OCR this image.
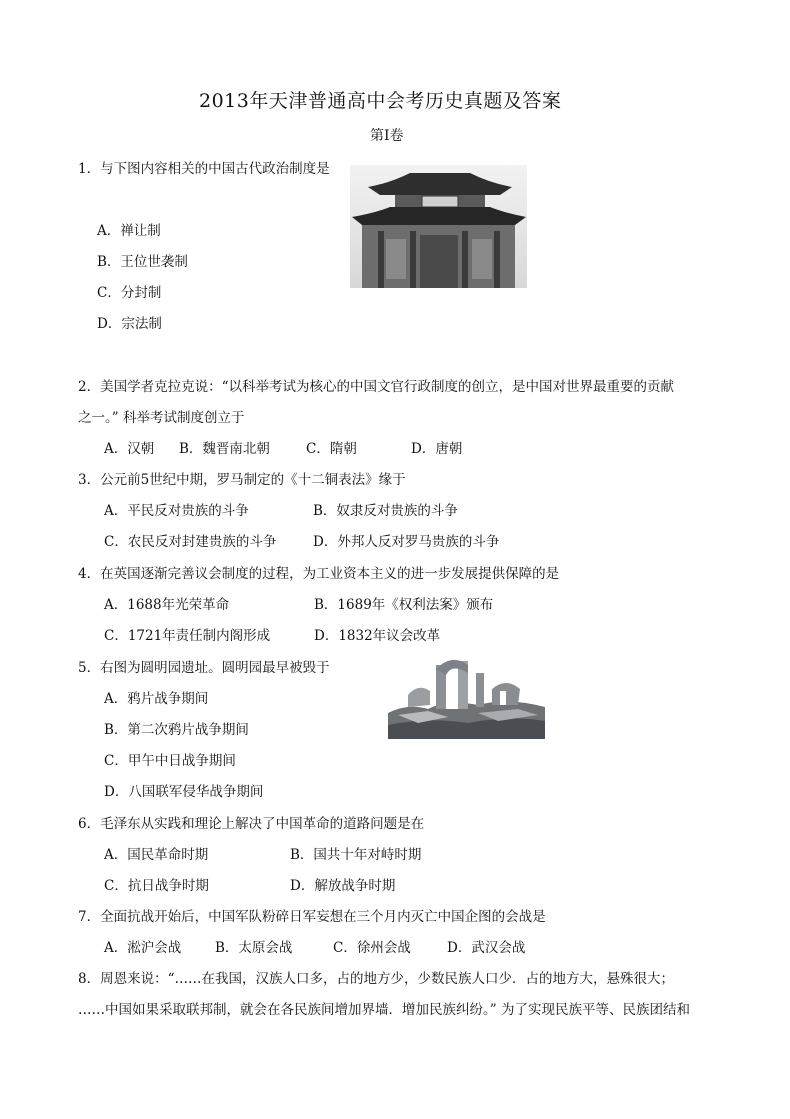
2013年天津普通高中会考历史真题及答案
第Ⅰ卷
1．与下图内容相关的中国古代政治制度是
A．禅让制
B．王位世袭制
C．分封制
D．宗法制
2．美国学者克拉克说：“以科举考试为核心的中国文官行政制度的创立，是中国对世界最重要的贡献
之一。” 科举考试制度创立于
A．汉朝 B．魏晋南北朝	C．隋朝	D．唐朝
3．公元前5世纪中期，罗马制定的《十二铜表法》缘于
A．平民反对贵族的斗争	B．奴隶反对贵族的斗争
C．农民反对封建贵族的斗争	D．外邦人反对罗马贵族的斗争
4．在英国逐渐完善议会制度的过程，为工业资本主义的进一步发展提供保障的是
A．1688年光荣革命	B．1689年《权利法案》颁布
C．1721年责任制内阁形成	D．1832年议会改革
5．右图为圆明园遗址。圆明园最早被毁于
A．鸦片战争期间
B．第二次鸦片战争期间
C．甲午中日战争期间
D．八国联军侵华战争期间
6．毛泽东从实践和理论上解决了中国革命的道路问题是在
A．国民革命时期	B．国共十年对峙时期
C．抗日战争时期	D．解放战争时期
7．全面抗战开始后，中国军队粉碎日军妄想在三个月内灭亡中国企图的会战是
A．淞沪会战	B．太原会战	C．徐州会战	D．武汉会战
8．周恩来说：“……在我国，汉族人口多，占的地方少，少数民族人口少．占的地方大，悬殊很大；
……中国如果采取联邦制，就会在各民族间增加界墙．增加民族纠纷。” 为了实现民族平等、民族团结和
